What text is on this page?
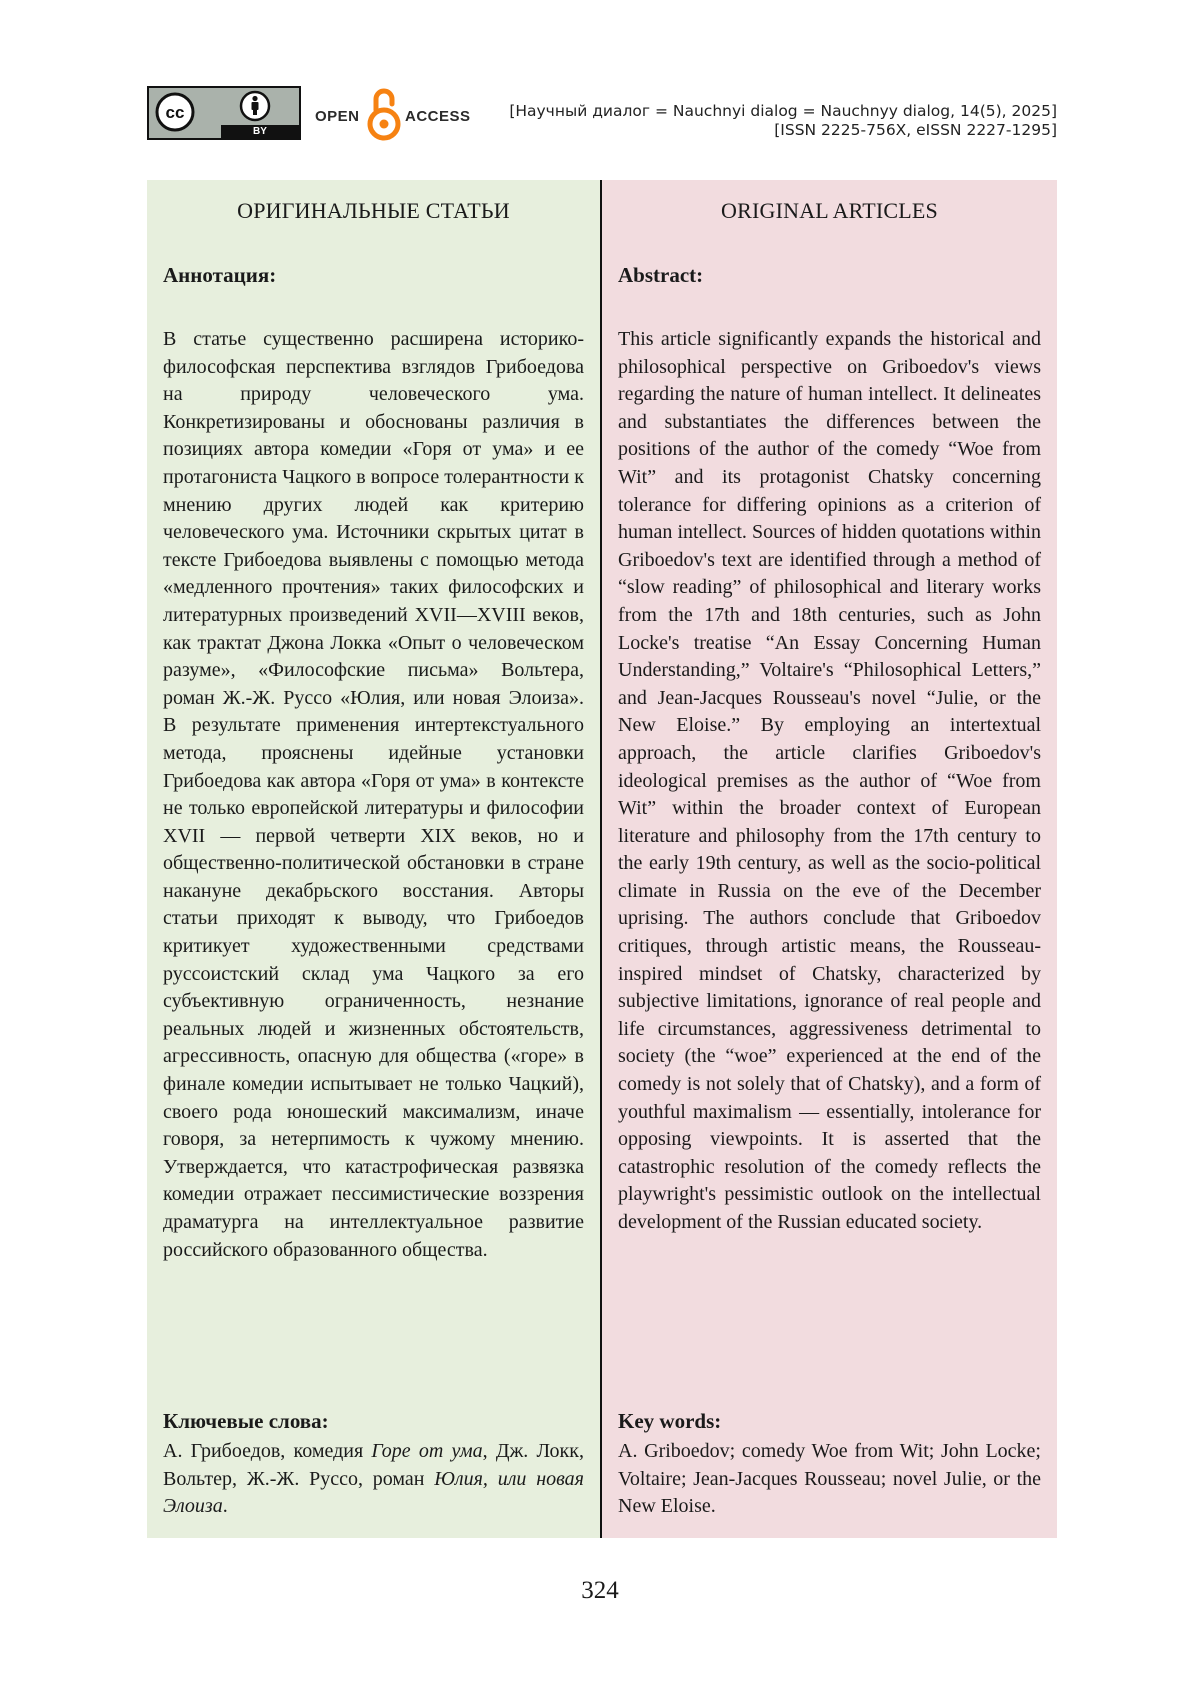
cc
BY
OPEN	ACCESS	[Научный диалог = Nauchnyi dialog = Nauchnyy dialog, 14(5), 2025]
[ISSN 2225-756X, eISSN 2227-1295]
ОРИГИНАЛЬНЫЕ СТАТЬИ
Аннотация:

В статье существенно расширена историко-философская перспектива взглядов Грибоедова на природу человеческого ума. Конкретизированы и обоснованы различия в позициях автора комедии «Горя от ума» и ее протагониста Чацкого в вопросе толерантности к мнению других людей как критерию человеческого ума. Источники скрытых цитат в тексте Грибоедова выявлены с помощью метода «медленного прочтения» таких философских и литературных произведений XVII—XVIII веков, как трактат Джона Локка «Опыт о человеческом разуме», «Философские письма» Вольтера, роман Ж.-Ж. Руссо «Юлия, или новая Элоиза». В результате применения интертекстуального метода, прояснены идейные установки Грибоедова как автора «Горя от ума» в контексте не только европейской литературы и философии XVII — первой четверти XIX веков, но и общественно-политической обстановки в стране накануне декабрьского восстания. Авторы статьи приходят к выводу, что Грибоедов критикует художественными средствами руссоистский склад ума Чацкого за его субъективную ограниченность, незнание реальных людей и жизненных обстоятельств, агрессивность, опасную для общества («горе» в финале комедии испытывает не только Чацкий), своего рода юношеский максимализм, иначе говоря, за нетерпимость к чужому мнению. Утверждается, что катастрофическая развязка комедии отражает пессимистические воззрения драматурга на интеллектуальное развитие российского образованного общества.

Ключевые слова:

А. Грибоедов, комедия Горе от ума, Дж. Локк, Вольтер, Ж.-Ж. Руссо, роман Юлия, или новая Элоиза.

ORIGINAL ARTICLES
Abstract:

This article significantly expands the historical and philosophical perspective on Griboedov's views regarding the nature of human intellect. It delineates and substantiates the differences between the positions of the author of the comedy “Woe from Wit” and its protagonist Chatsky concerning tolerance for differing opinions as a criterion of human intellect. Sources of hidden quotations within Griboedov's text are identified through a method of “slow reading” of philosophical and literary works from the 17th and 18th centuries, such as John Locke's treatise “An Essay Concerning Human Understanding,” Voltaire's “Philosophical Letters,” and Jean-Jacques Rousseau's novel “Julie, or the New Eloise.” By employing an intertextual approach, the article clarifies Griboedov's ideological premises as the author of “Woe from Wit” within the broader context of European literature and philosophy from the 17th century to the early 19th century, as well as the socio-political climate in Russia on the eve of the December uprising. The authors conclude that Griboedov critiques, through artistic means, the Rousseau-inspired mindset of Chatsky, characterized by subjective limitations, ignorance of real people and life circumstances, aggressiveness detrimental to society (the “woe” experienced at the end of the comedy is not solely that of Chatsky), and a form of youthful maximalism — essentially, intolerance for opposing viewpoints. It is asserted that the catastrophic resolution of the comedy reflects the playwright's pessimistic outlook on the intellectual development of the Russian educated society.

Key words:

A. Griboedov; comedy Woe from Wit; John Locke; Voltaire; Jean-Jacques Rousseau; novel Julie, or the New Eloise.

324
